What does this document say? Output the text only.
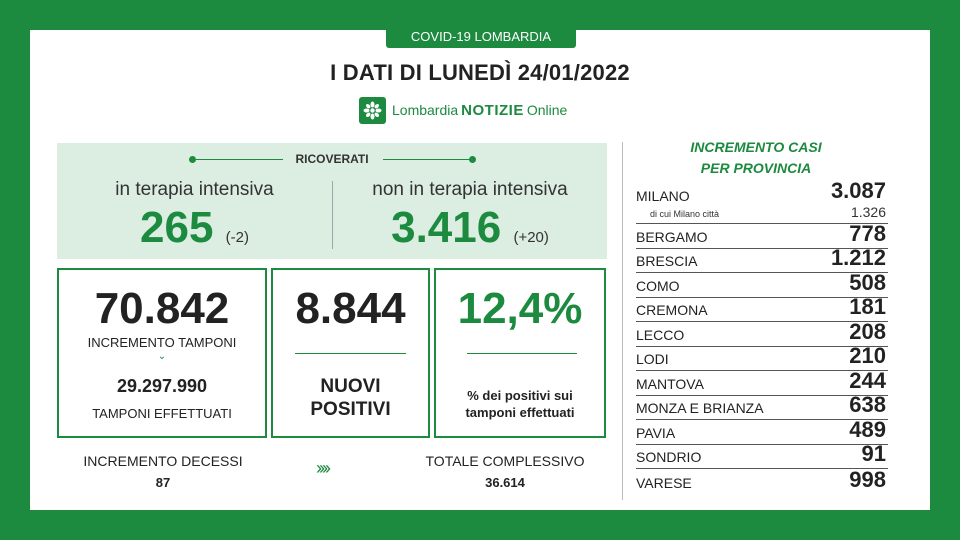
COVID-19 LOMBARDIA
I DATI DI LUNEDÌ 24/01/2022
Lombardia NOTIZIE Online
RICOVERATI
in terapia intensiva
265 (-2)
non in terapia intensiva
3.416 (+20)
70.842
INCREMENTO TAMPONI
⌄
29.297.990
TAMPONI EFFETTUATI
8.844
NUOVI
POSITIVI
12,4%
% dei positivi sui
tamponi effettuati
INCREMENTO DECESSI
87
››››	TOTALE COMPLESSIVO
36.614
INCREMENTO CASI
PER PROVINCIA
MILANO	3.087
di cui Milano città	1.326
BERGAMO	778
BRESCIA	1.212
COMO	508
CREMONA	181
LECCO	208
LODI	210
MANTOVA	244
MONZA E BRIANZA	638
PAVIA	489
SONDRIO	91
VARESE	998
